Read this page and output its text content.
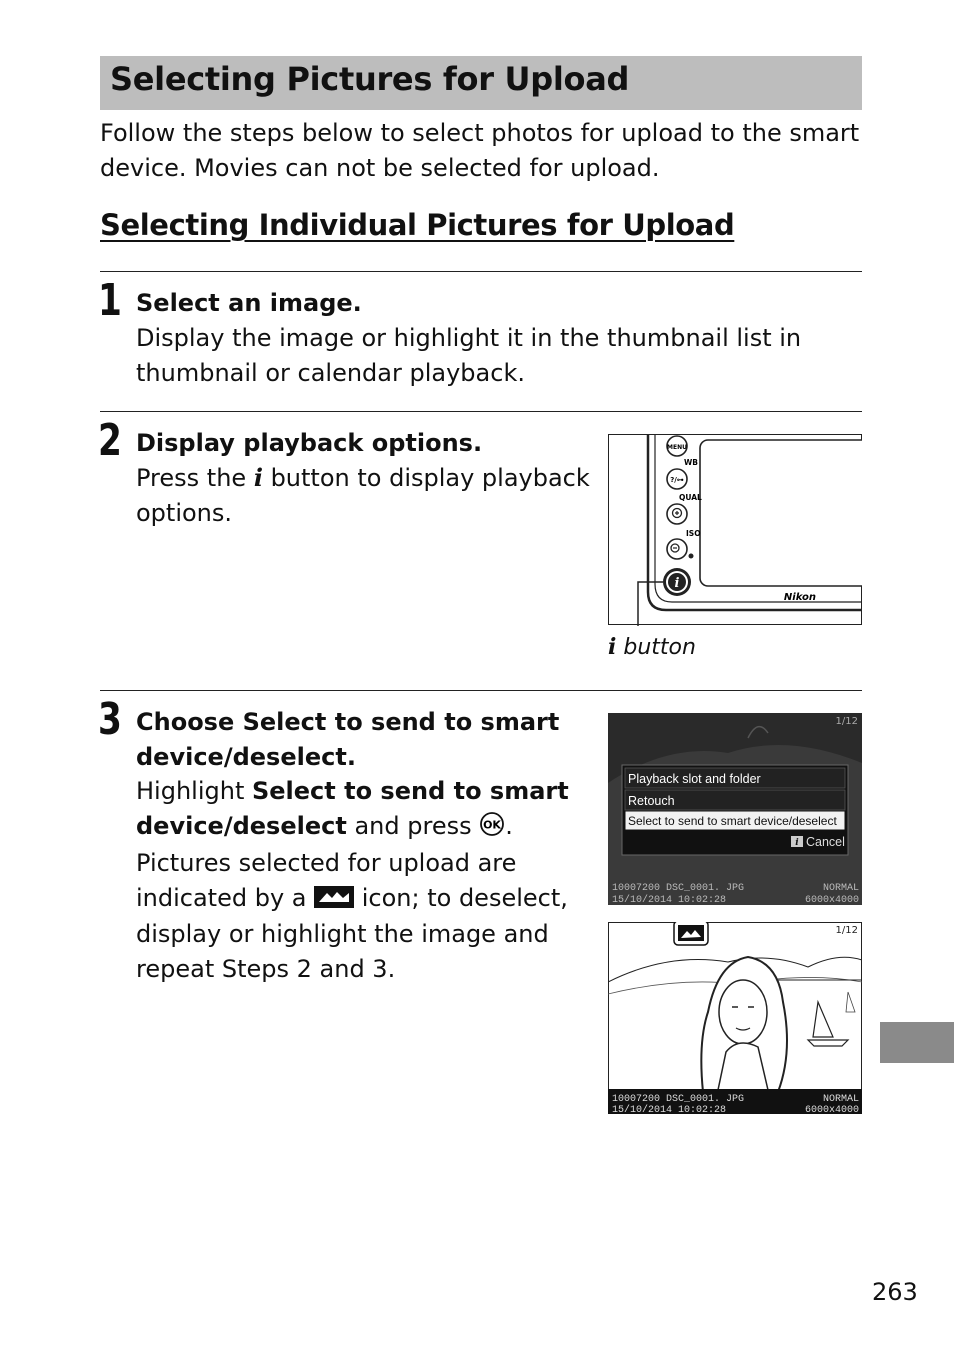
Selecting Pictures for Upload

Follow the steps below to select photos for upload to the smart device. Movies can not be selected for upload.

Selecting Individual Pictures for Upload
1 Select an image.
Display the image or highlight it in the thumbnail list in thumbnail or calendar playback.
2 Display playback options.
Press the i button to display playback options.
MENU
WB
?/⊶
QUAL
ISO
i
Nikon
i button
3 Choose Select to send to smart device/deselect.
Highlight Select to send to smart device/deselect and press OK . Pictures selected for upload are indicated by a  icon; to deselect, display or highlight the image and repeat Steps 2 and 3.
1/12
Playback slot and folder
Retouch
Select to send to smart device/deselect
i Cancel
10007200 DSC_0001. JPG
15/10/2014 10:02:28
NORMAL
6000x4000
1/12
10007200 DSC_0001. JPG
15/10/2014 10:02:28
NORMAL
6000x4000
263
